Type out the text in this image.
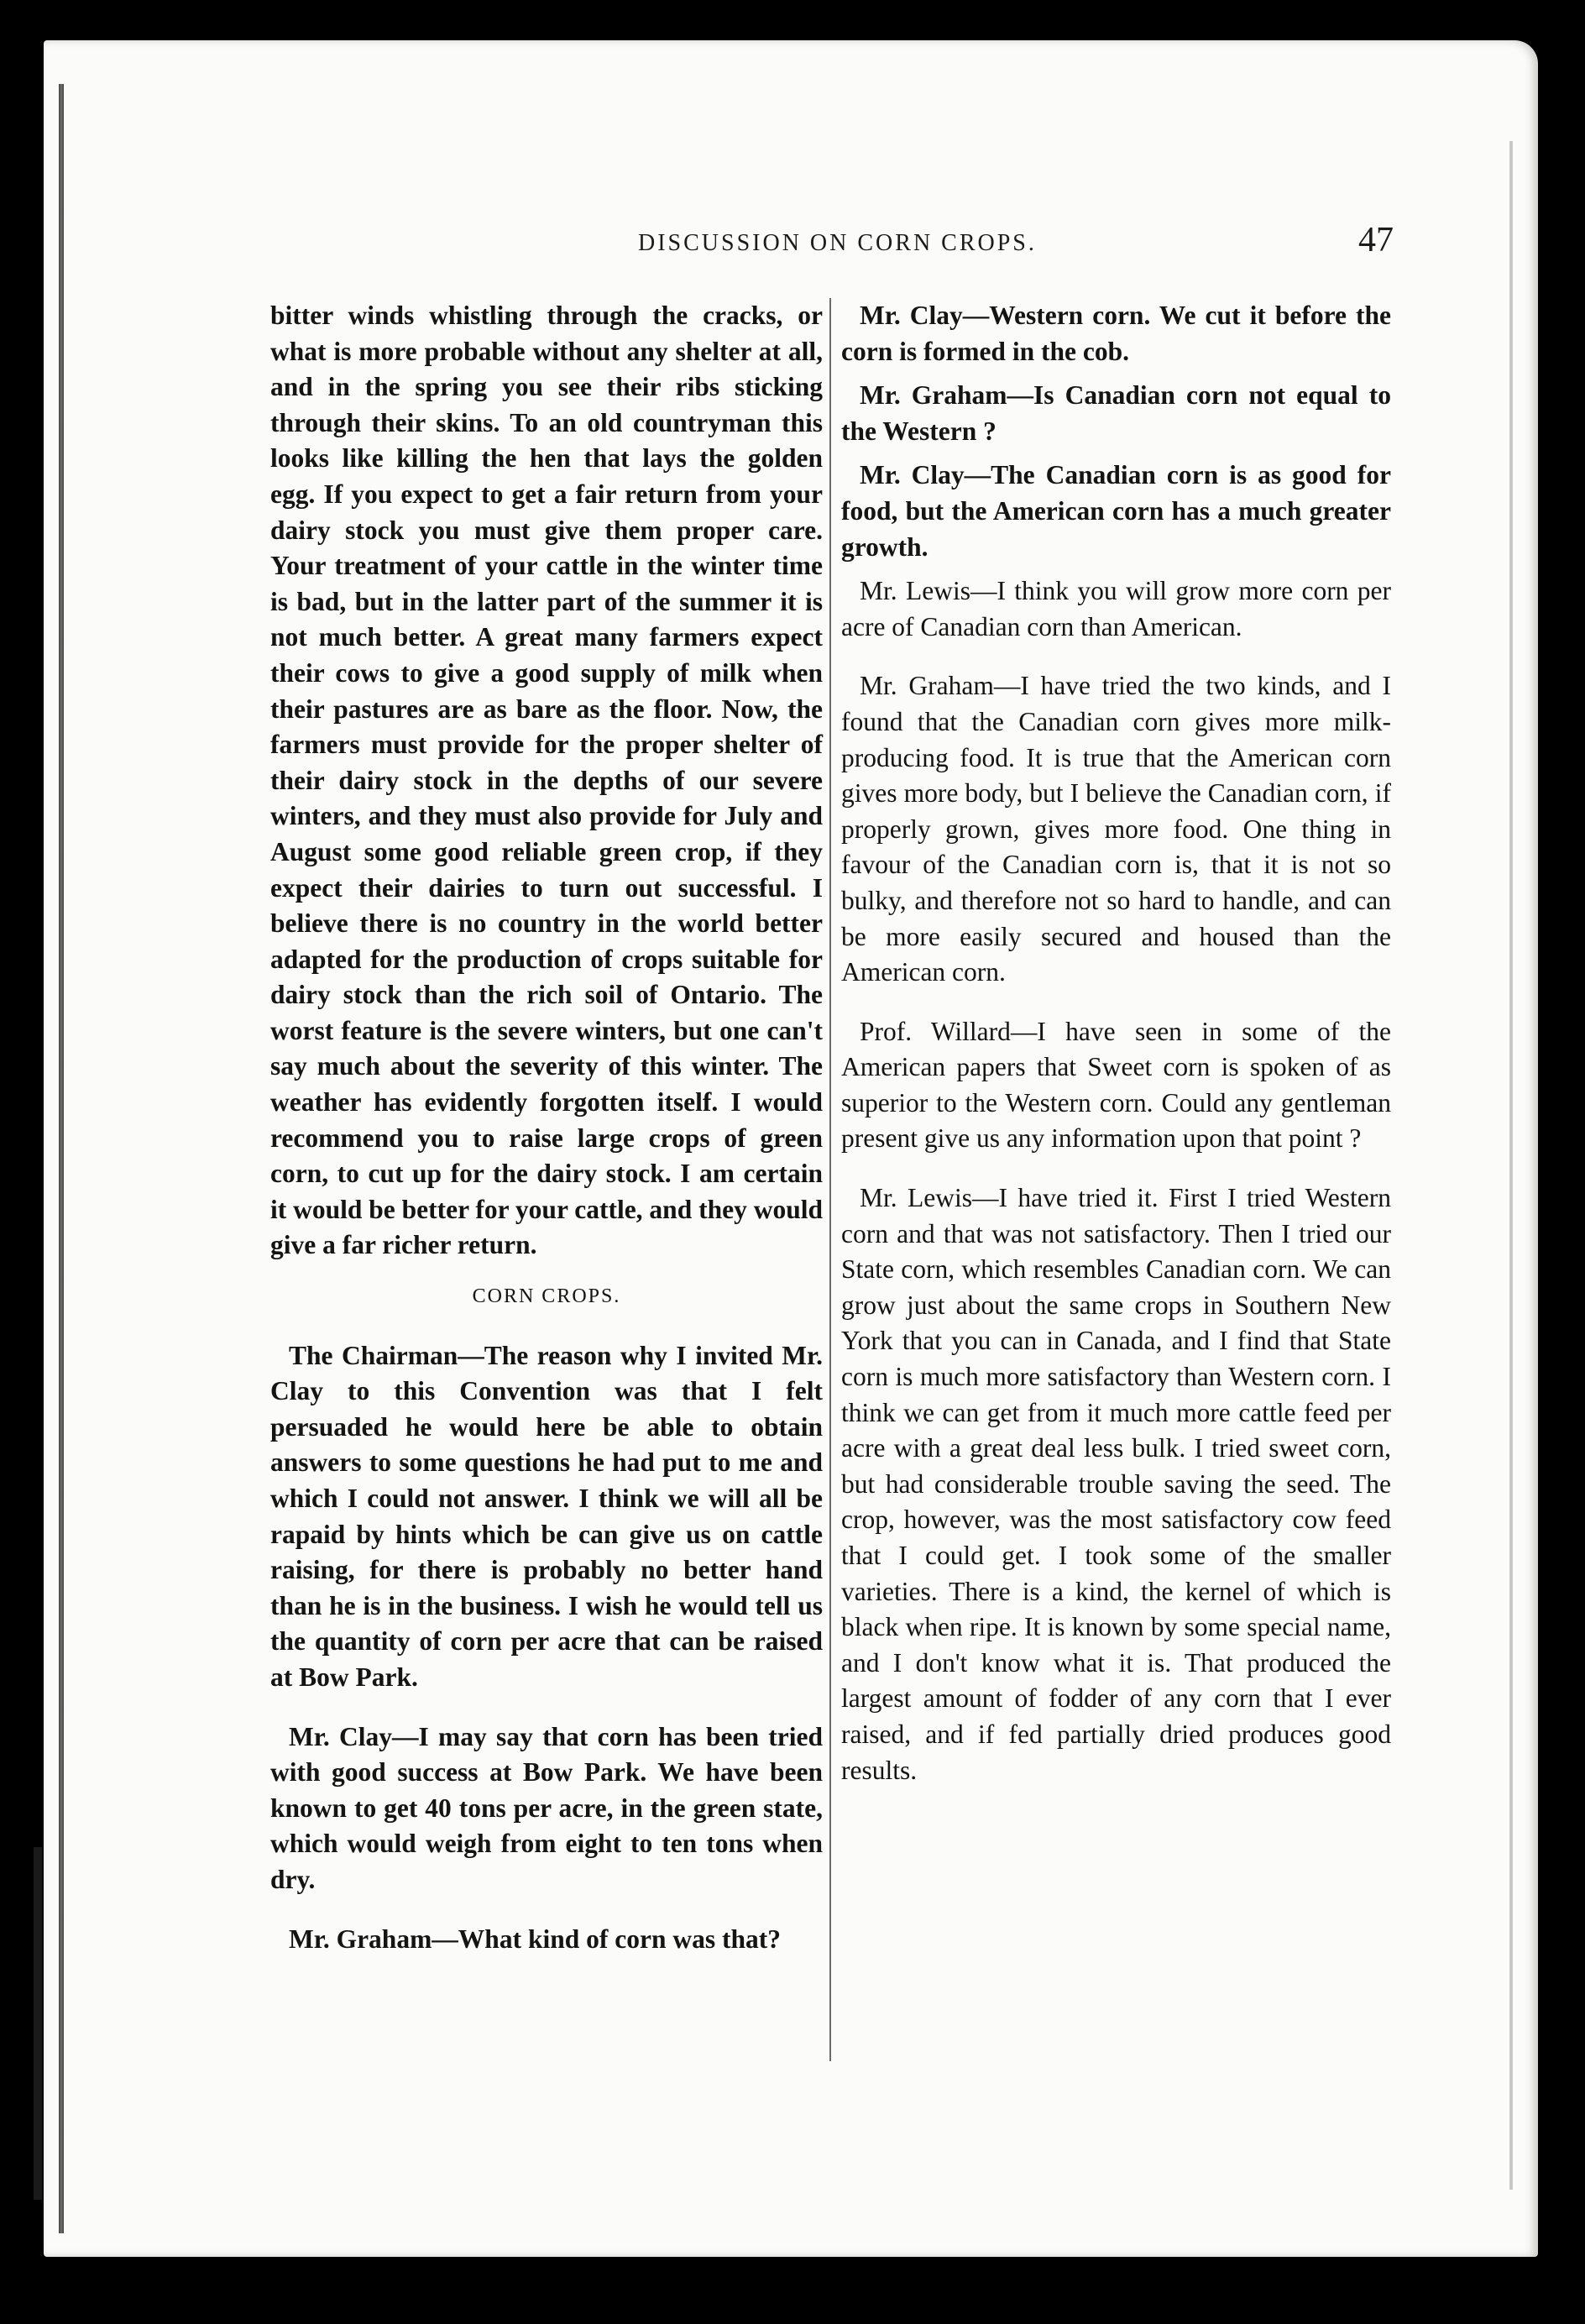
DISCUSSION ON CORN CROPS.	47

bitter winds whistling through the cracks, or what is more probable without any shelter at all, and in the spring you see their ribs sticking through their skins. To an old countryman this looks like killing the hen that lays the golden egg. If you expect to get a fair return from your dairy stock you must give them proper care. Your treatment of your cattle in the winter time is bad, but in the latter part of the summer it is not much better. A great many farmers expect their cows to give a good supply of milk when their pastures are as bare as the floor. Now, the farmers must provide for the proper shelter of their dairy stock in the depths of our severe winters, and they must also provide for July and August some good reliable green crop, if they expect their dairies to turn out successful. I believe there is no country in the world better adapted for the production of crops suitable for dairy stock than the rich soil of Ontario. The worst feature is the severe winters, but one can't say much about the severity of this winter. The weather has evidently forgotten itself. I would recommend you to raise large crops of green corn, to cut up for the dairy stock. I am certain it would be better for your cattle, and they would give a far richer return.

CORN CROPS.

The Chairman—The reason why I invited Mr. Clay to this Convention was that I felt persuaded he would here be able to obtain answers to some questions he had put to me and which I could not answer. I think we will all be rapaid by hints which be can give us on cattle raising, for there is probably no better hand than he is in the business. I wish he would tell us the quantity of corn per acre that can be raised at Bow Park.

Mr. Clay—I may say that corn has been tried with good success at Bow Park. We have been known to get 40 tons per acre, in the green state, which would weigh from eight to ten tons when dry.

Mr. Graham—What kind of corn was that?

Mr. Clay—Western corn. We cut it before the corn is formed in the cob.

Mr. Graham—Is Canadian corn not equal to the Western ?

Mr. Clay—The Canadian corn is as good for food, but the American corn has a much greater growth.

Mr. Lewis—I think you will grow more corn per acre of Canadian corn than American.

Mr. Graham—I have tried the two kinds, and I found that the Canadian corn gives more milk-producing food. It is true that the American corn gives more body, but I believe the Canadian corn, if properly grown, gives more food. One thing in favour of the Canadian corn is, that it is not so bulky, and therefore not so hard to handle, and can be more easily secured and housed than the American corn.

Prof. Willard—I have seen in some of the American papers that Sweet corn is spoken of as superior to the Western corn. Could any gentleman present give us any information upon that point ?

Mr. Lewis—I have tried it. First I tried Western corn and that was not satisfactory. Then I tried our State corn, which resembles Canadian corn. We can grow just about the same crops in Southern New York that you can in Canada, and I find that State corn is much more satisfactory than Western corn. I think we can get from it much more cattle feed per acre with a great deal less bulk. I tried sweet corn, but had considerable trouble saving the seed. The crop, however, was the most satisfactory cow feed that I could get. I took some of the smaller varieties. There is a kind, the kernel of which is black when ripe. It is known by some special name, and I don't know what it is. That produced the largest amount of fodder of any corn that I ever raised, and if fed partially dried produces good results.
